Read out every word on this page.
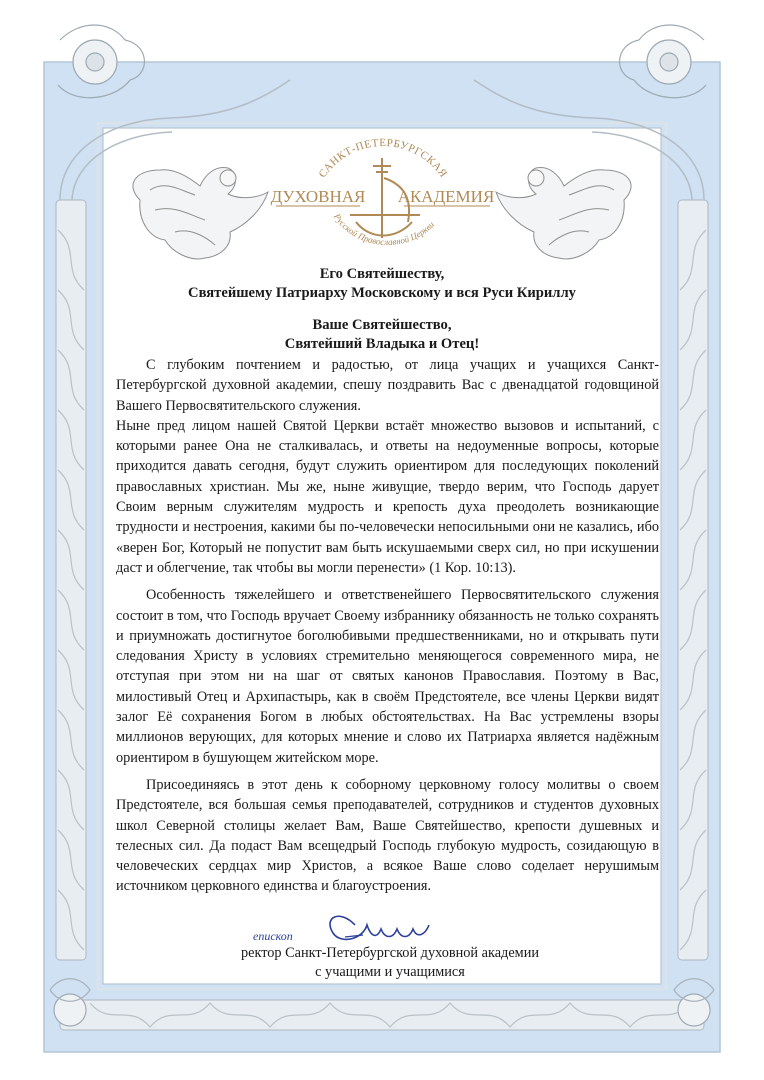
САНКТ-ПЕТЕРБУРГСКАЯ
ДУХОВНАЯ АКАДЕМИЯ
Русской Православной Церкви
Его Святейшеству,
Святейшему Патриарху Московскому и вся Руси Кириллу
Ваше Святейшество,
Святейший Владыка и Отец!

С глубоким почтением и радостью, от лица учащих и учащихся Санкт-Петербургской духовной академии, спешу поздравить Вас с двенадцатой годовщиной Вашего Первосвятительского служения.

Ныне пред лицом нашей Святой Церкви встаёт множество вызовов и испытаний, с которыми ранее Она не сталкивалась, и ответы на недоуменные вопросы, которые приходится давать сегодня, будут служить ориентиром для последующих поколений православных христиан. Мы же, ныне живущие, твердо верим, что Господь дарует Своим верным служителям мудрость и крепость духа преодолеть возникающие трудности и нестроения, какими бы по-человечески непосильными они не казались, ибо «верен Бог, Который не попустит вам быть искушаемыми сверх сил, но при искушении даст и облегчение, так чтобы вы могли перенести» (1 Кор. 10:13).

Особенность тяжелейшего и ответственейшего Первосвятительского служения состоит в том, что Господь вручает Своему избраннику обязанность не только сохранять и приумножать достигнутое боголюбивыми предшественниками, но и открывать пути следования Христу в условиях стремительно меняющегося современного мира, не отступая при этом ни на шаг от святых канонов Православия. Поэтому в Вас, милостивый Отец и Архипастырь, как в своём Предстоятеле, все члены Церкви видят залог Её сохранения Богом в любых обстоятельствах. На Вас устремлены взоры миллионов верующих, для которых мнение и слово их Патриарха является надёжным ориентиром в бушующем житейском море.

Присоединяясь в этот день к соборному церковному голосу молитвы о своем Предстоятеле, вся большая семья преподавателей, сотрудников и студентов духовных школ Северной столицы желает Вам, Ваше Святейшество, крепости душевных и телесных сил. Да подаст Вам всещедрый Господь глубокую мудрость, созидающую в человеческих сердцах мир Христов, а всякое Ваше слово соделает нерушимым источником церковного единства и благоустроения.

епископ
ректор Санкт-Петербургской духовной академии
с учащими и учащимися
